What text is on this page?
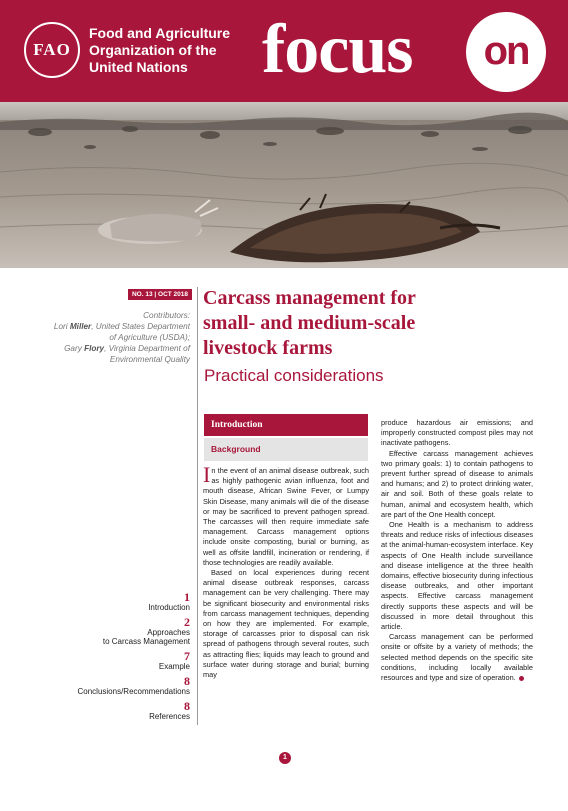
FAO
Food and Agriculture
Organization of the
United Nations	focus	on
NO. 13 | OCT 2018
Contributors:
Lori Miller, United States Department
of Agriculture (USDA);
Gary Flory, Virginia Department of
Environmental Quality
Carcass management for
small- and medium-scale
livestock farms
Practical considerations
1
Introduction
2
Approaches
to Carcass Management
7
Example
8
Conclusions/Recommendations
8
References
Introduction
Background

In the event of an animal disease outbreak, such as highly pathogenic avian influenza, foot and mouth disease, African Swine Fever, or Lumpy Skin Disease, many animals will die of the disease or may be sacrificed to prevent pathogen spread. The carcasses will then require immediate safe management. Carcass management options include onsite composting, burial or burning, as well as offsite landfill, incineration or rendering, if those technologies are readily available.

Based on local experiences during recent animal disease outbreak responses, carcass management can be very challenging. There may be significant biosecurity and environmental risks from carcass management techniques, depending on how they are implemented. For example, storage of carcasses prior to disposal can risk spread of pathogens through several routes, such as attracting flies; liquids may leach to ground and surface water during storage and burial; burning may

produce hazardous air emissions; and improperly constructed compost piles may not inactivate pathogens.

Effective carcass management achieves two primary goals: 1) to contain pathogens to prevent further spread of disease to animals and humans; and 2) to protect drinking water, air and soil. Both of these goals relate to human, animal and ecosystem health, which are part of the One Health concept.

One Health is a mechanism to address threats and reduce risks of infectious diseases at the animal-human-ecosystem interface. Key aspects of One Health include surveillance and disease intelligence at the three health domains, effective biosecurity during infectious disease outbreaks, and other important aspects. Effective carcass management directly supports these aspects and will be discussed in more detail throughout this article.

Carcass management can be performed onsite or offsite by a variety of methods; the selected method depends on the specific site conditions, including locally available resources and type and size of operation.

1
